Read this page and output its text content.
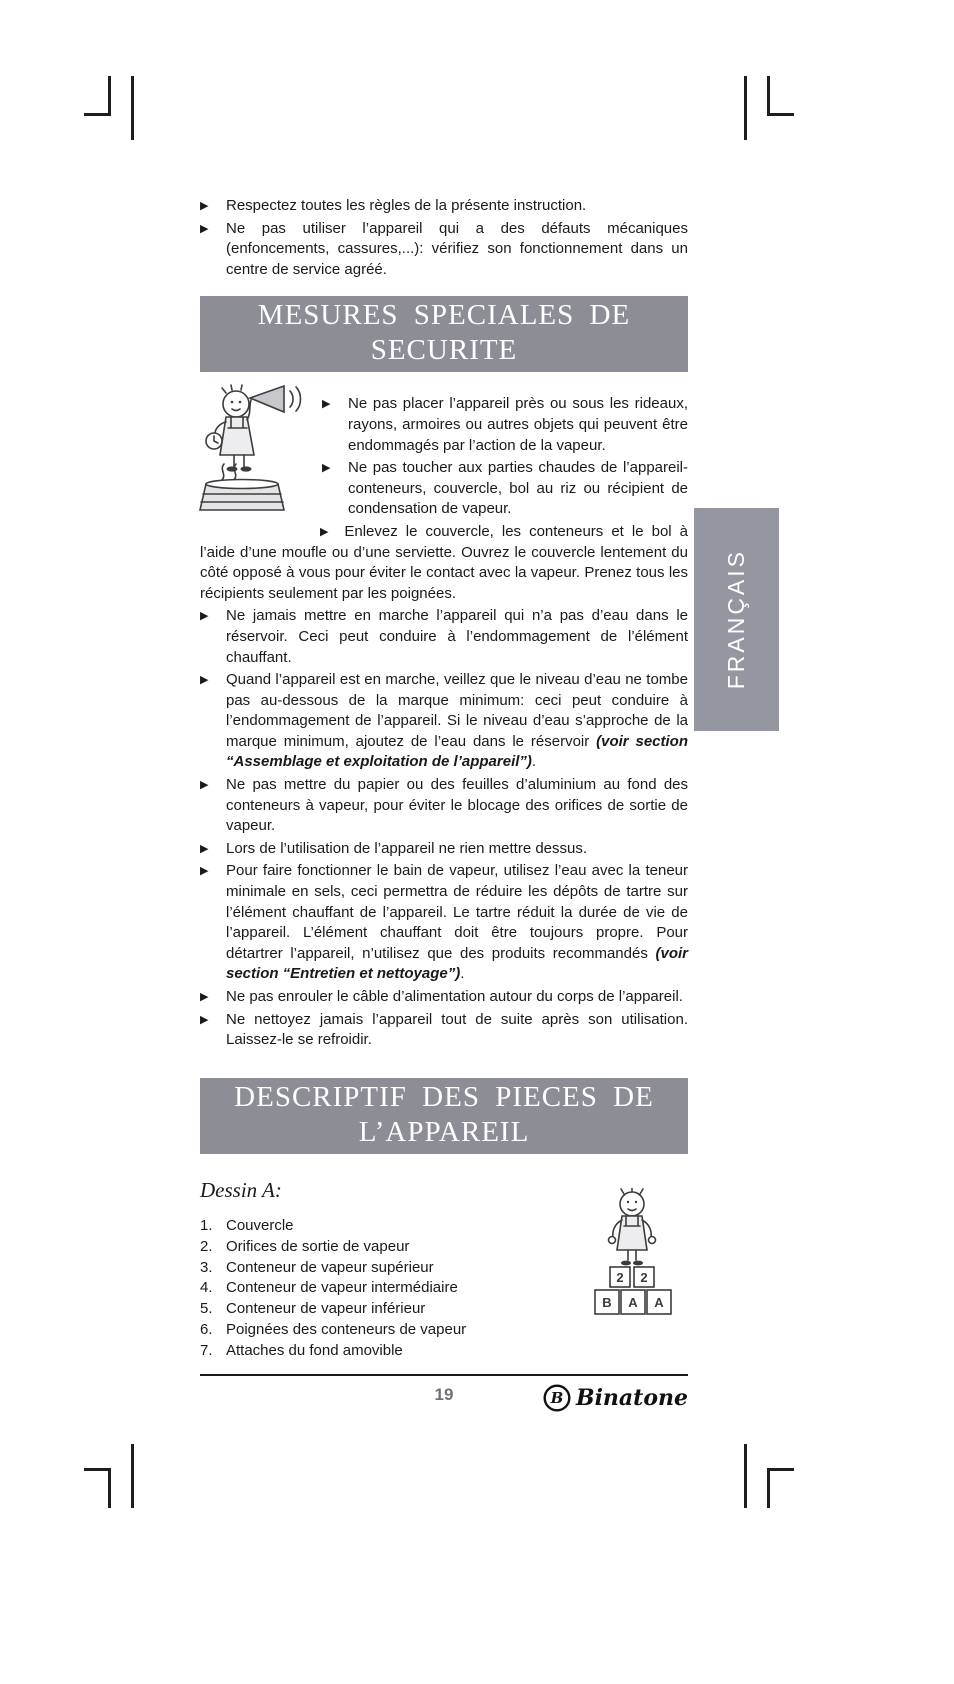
▶ Respectez toutes les règles de la présente instruction.

▶ Ne pas utiliser l’appareil qui a des défauts mécaniques (enfoncements, cassures,...): vérifiez son fonctionnement dans un centre de service agréé.

MESURES SPECIALES DE
SECURITE

▶ Ne pas placer l’appareil près ou sous les rideaux, rayons, armoires ou autres objets qui peuvent être endommagés par l’action de la vapeur.

▶ Ne pas toucher aux parties chaudes de l’appareil-conteneurs, couvercle, bol au riz ou récipient de condensation de vapeur.

▶ Enlevez le couvercle, les conteneurs et le bol à l’aide d’une moufle ou d’une serviette. Ouvrez le couvercle lentement du côté opposé à vous pour éviter le contact avec la vapeur. Prenez tous les récipients seulement par les poignées.

▶ Ne jamais mettre en marche l’appareil qui n’a pas d’eau dans le réservoir. Ceci peut conduire à l’endommagement de l’élément chauffant.

▶ Quand l’appareil est en marche, veillez que le niveau d’eau ne tombe pas au-dessous de la marque minimum: ceci peut conduire à l’endommagement de l’appareil. Si le niveau d’eau s’approche de la marque minimum, ajoutez de l’eau dans le réservoir (voir section “Assemblage et exploitation de l’appareil”).

▶ Ne pas mettre du papier ou des feuilles d’aluminium au fond des conteneurs à vapeur, pour éviter le blocage des orifices de sortie de vapeur.

▶ Lors de l’utilisation de l’appareil ne rien mettre dessus.

▶ Pour faire fonctionner le bain de vapeur, utilisez l’eau avec la teneur minimale en sels, ceci permettra de réduire les dépôts de tartre sur l’élément chauffant de l’appareil. Le tartre réduit la durée de vie de l’appareil. L’élément chauffant doit être toujours propre. Pour détartrer l’appareil, n’utilisez que des produits recommandés (voir section “Entretien et nettoyage”).

▶ Ne pas enrouler le câble d’alimentation autour du corps de l’appareil.

▶ Ne nettoyez jamais l’appareil tout de suite après son utilisation. Laissez-le se refroidir.

FRANÇAIS
DESCRIPTIF DES PIECES DE
L’APPAREIL
Dessin A:

1. Couvercle

2. Orifices de sortie de vapeur

3. Conteneur de vapeur supérieur

4. Conteneur de vapeur intermédiaire

5. Conteneur de vapeur inférieur

6. Poignées des conteneurs de vapeur

7. Attaches du fond amovible

2 2
B A A
19	B Binatone
